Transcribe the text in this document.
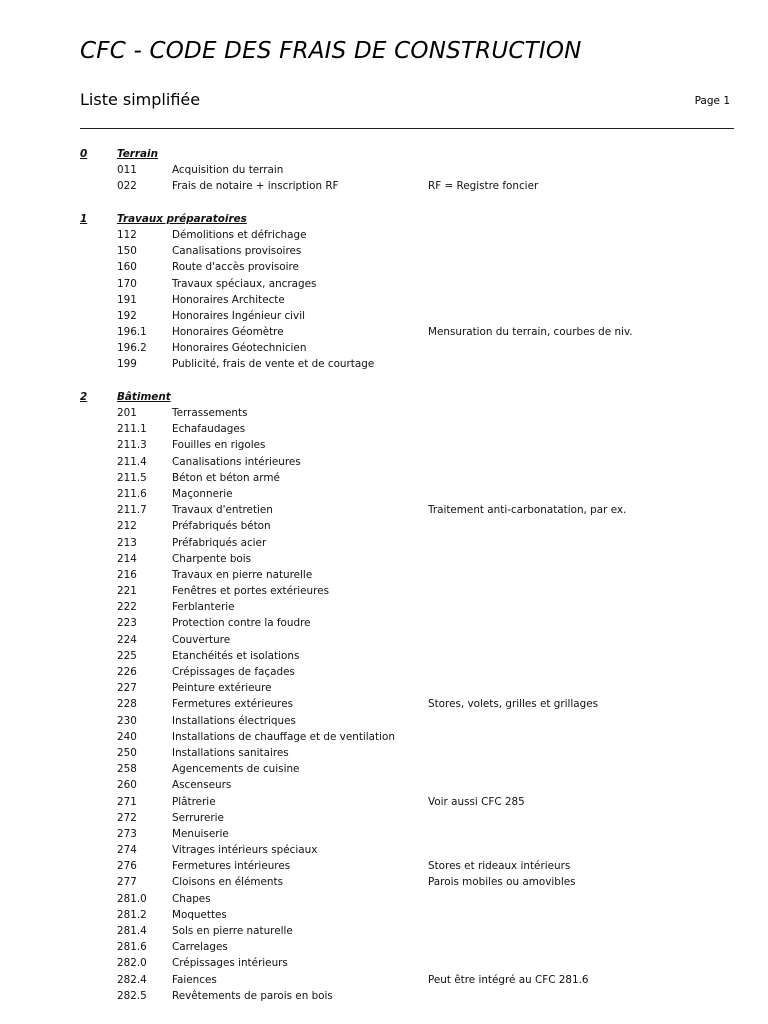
CFC - CODE DES FRAIS DE CONSTRUCTION
Liste simplifiée	Page 1
0	Terrain
011	Acquisition du terrain
022	Frais de notaire + inscription RF	RF = Registre foncier
1	Travaux préparatoires
112	Démolitions et défrichage
150	Canalisations provisoires
160	Route d'accès provisoire
170	Travaux spéciaux, ancrages
191	Honoraires Architecte
192	Honoraires Ingénieur civil
196.1 Honoraires Géomètre	Mensuration du terrain, courbes de niv.
196.2 Honoraires Géotechnicien
199	Publicité, frais de vente et de courtage
2	Bâtiment
201	Terrassements
211.1 Echafaudages
211.3 Fouilles en rigoles
211.4 Canalisations intérieures
211.5 Béton et béton armé
211.6 Maçonnerie
211.7 Travaux d'entretien	Traitement anti-carbonatation, par ex.
212	Préfabriqués béton
213	Préfabriqués acier
214	Charpente bois
216	Travaux en pierre naturelle
221	Fenêtres et portes extérieures
222	Ferblanterie
223	Protection contre la foudre
224	Couverture
225	Etanchéités et isolations
226	Crépissages de façades
227	Peinture extérieure
228	Fermetures extérieures	Stores, volets, grilles et grillages
230	Installations électriques
240	Installations de chauffage et de ventilation
250	Installations sanitaires
258	Agencements de cuisine
260	Ascenseurs
271	Plâtrerie	Voir aussi CFC 285
272	Serrurerie
273	Menuiserie
274	Vitrages intérieurs spéciaux
276	Fermetures intérieures	Stores et rideaux intérieurs
277	Cloisons en éléments	Parois mobiles ou amovibles
281.0 Chapes
281.2 Moquettes
281.4 Sols en pierre naturelle
281.6 Carrelages
282.0 Crépissages intérieurs
282.4 Faiences	Peut être intégré au CFC 281.6
282.5 Revêtements de parois en bois
